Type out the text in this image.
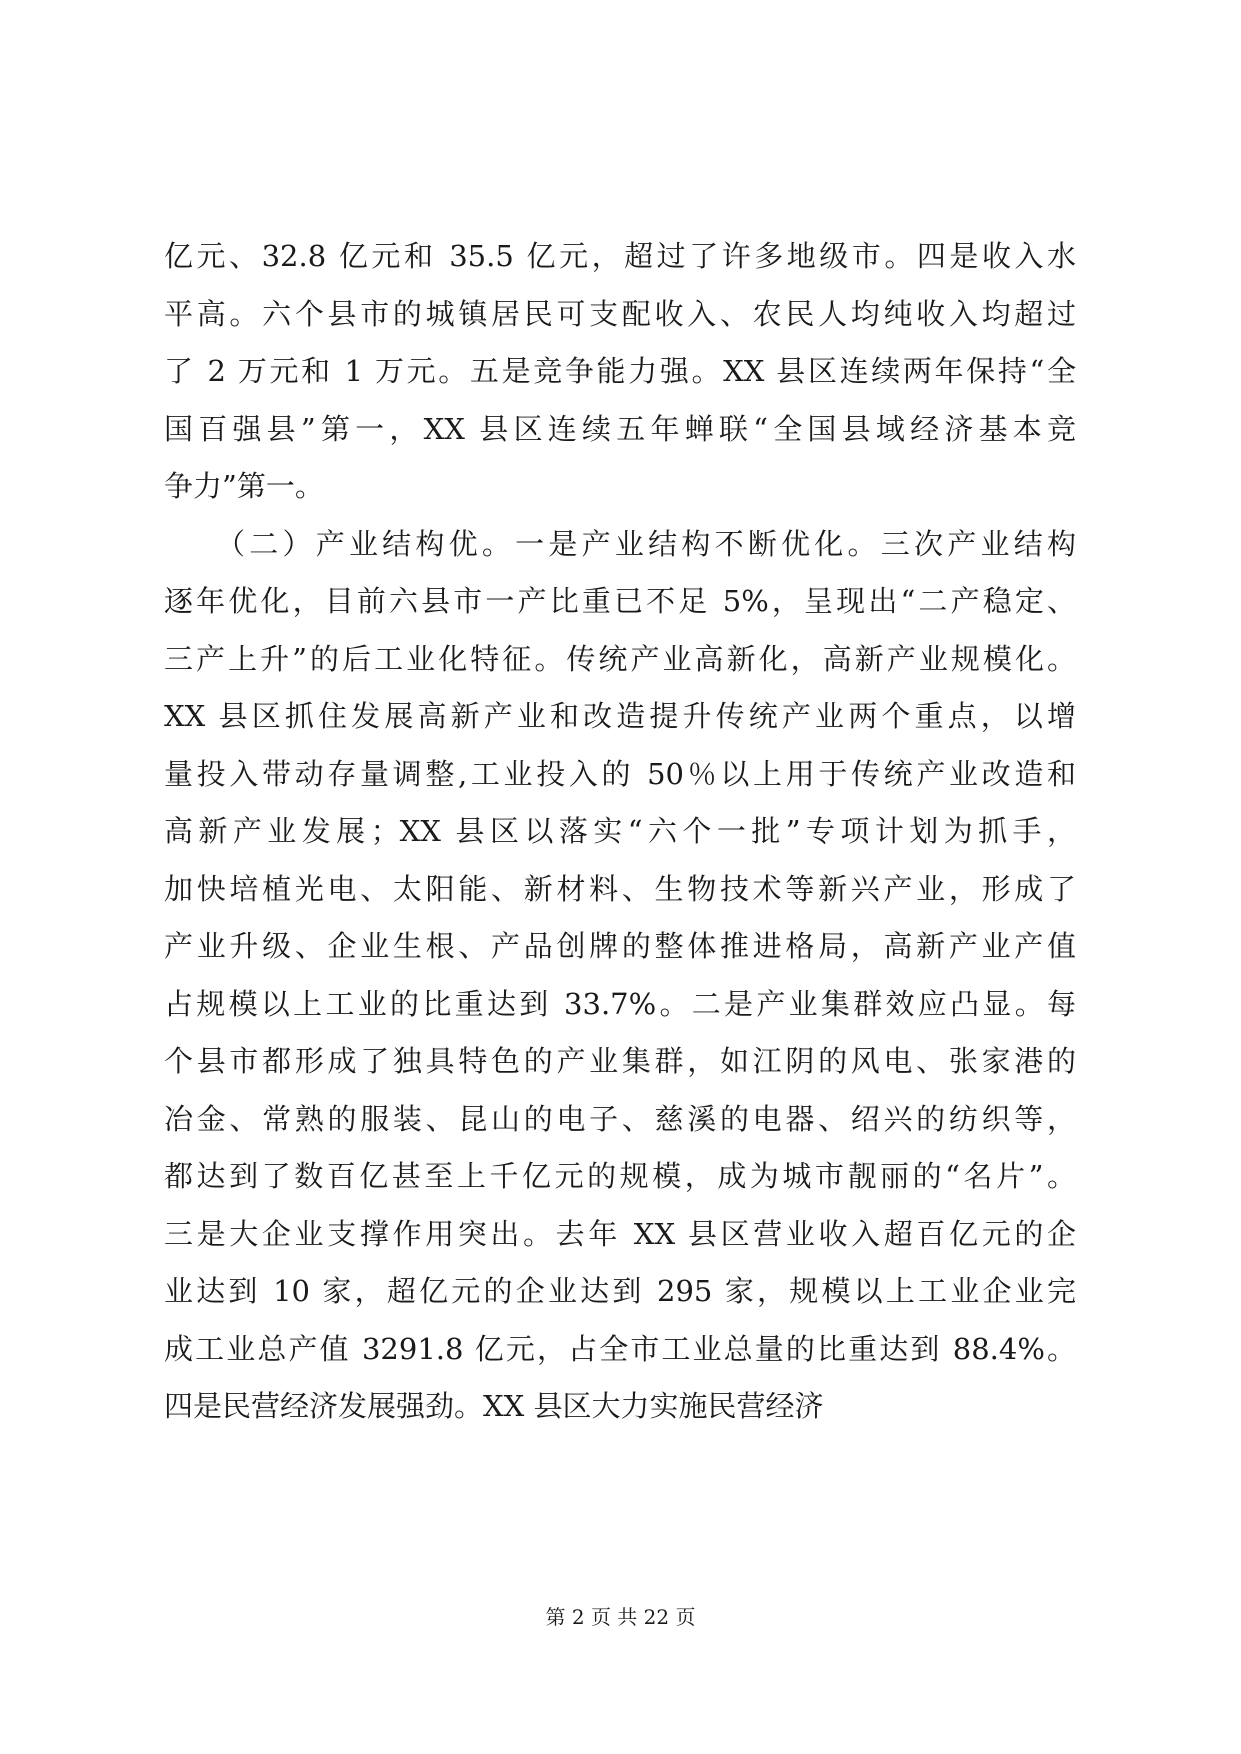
亿元、32.8 亿元和 35.5 亿元，超过了许多地级市。四是收入水
平高。六个县市的城镇居民可支配收入、农民人均纯收入均超过
了 2 万元和 1 万元。五是竞争能力强。XX 县区连续两年保持“全
国百强县”第一，XX 县区连续五年蝉联“全国县域经济基本竞
争力”第一。
　　（二）产业结构优。一是产业结构不断优化。三次产业结构
逐年优化，目前六县市一产比重已不足 5%，呈现出“二产稳定、
三产上升”的后工业化特征。传统产业高新化，高新产业规模化。
XX 县区抓住发展高新产业和改造提升传统产业两个重点，以增
量投入带动存量调整,工业投入的 50％以上用于传统产业改造和
高新产业发展；XX 县区以落实“六个一批”专项计划为抓手，
加快培植光电、太阳能、新材料、生物技术等新兴产业，形成了
产业升级、企业生根、产品创牌的整体推进格局，高新产业产值
占规模以上工业的比重达到 33.7%。二是产业集群效应凸显。每
个县市都形成了独具特色的产业集群，如江阴的风电、张家港的
冶金、常熟的服装、昆山的电子、慈溪的电器、绍兴的纺织等，
都达到了数百亿甚至上千亿元的规模，成为城市靓丽的“名片”。
三是大企业支撑作用突出。去年 XX 县区营业收入超百亿元的企
业达到 10 家，超亿元的企业达到 295 家，规模以上工业企业完
成工业总产值 3291.8 亿元，占全市工业总量的比重达到 88.4%。
四是民营经济发展强劲。XX 县区大力实施民营经济
第 2 页 共 22 页
